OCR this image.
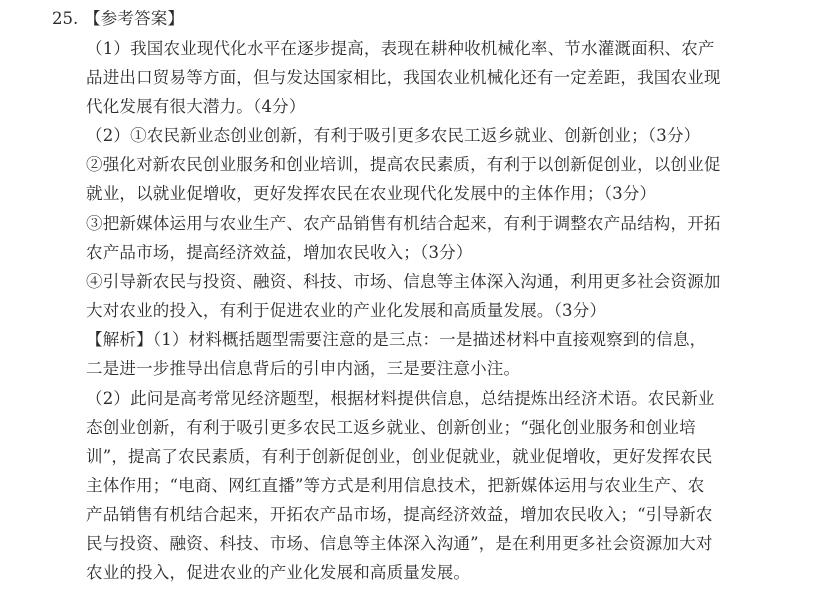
25. 【参考答案】
（1）我国农业现代化水平在逐步提高，表现在耕种收机械化率、节水灌溉面积、农产
品进出口贸易等方面，但与发达国家相比，我国农业机械化还有一定差距，我国农业现
代化发展有很大潜力。（4分）
（2）①农民新业态创业创新，有利于吸引更多农民工返乡就业、创新创业；（3分）
②强化对新农民创业服务和创业培训，提高农民素质，有利于以创新促创业，以创业促
就业，以就业促增收，更好发挥农民在农业现代化发展中的主体作用；（3分）
③把新媒体运用与农业生产、农产品销售有机结合起来，有利于调整农产品结构，开拓
农产品市场，提高经济效益，增加农民收入；（3分）
④引导新农民与投资、融资、科技、市场、信息等主体深入沟通，利用更多社会资源加
大对农业的投入，有利于促进农业的产业化发展和高质量发展。（3分）
【解析】（1）材料概括题型需要注意的是三点：一是描述材料中直接观察到的信息，
二是进一步推导出信息背后的引申内涵，三是要注意小注。
（2）此问是高考常见经济题型，根据材料提供信息，总结提炼出经济术语。农民新业
态创业创新，有利于吸引更多农民工返乡就业、创新创业；“强化创业服务和创业培
训”，提高了农民素质，有利于创新促创业，创业促就业，就业促增收，更好发挥农民
主体作用；“电商、网红直播”等方式是利用信息技术，把新媒体运用与农业生产、农
产品销售有机结合起来，开拓农产品市场，提高经济效益，增加农民收入；“引导新农
民与投资、融资、科技、市场、信息等主体深入沟通”，是在利用更多社会资源加大对
农业的投入，促进农业的产业化发展和高质量发展。
